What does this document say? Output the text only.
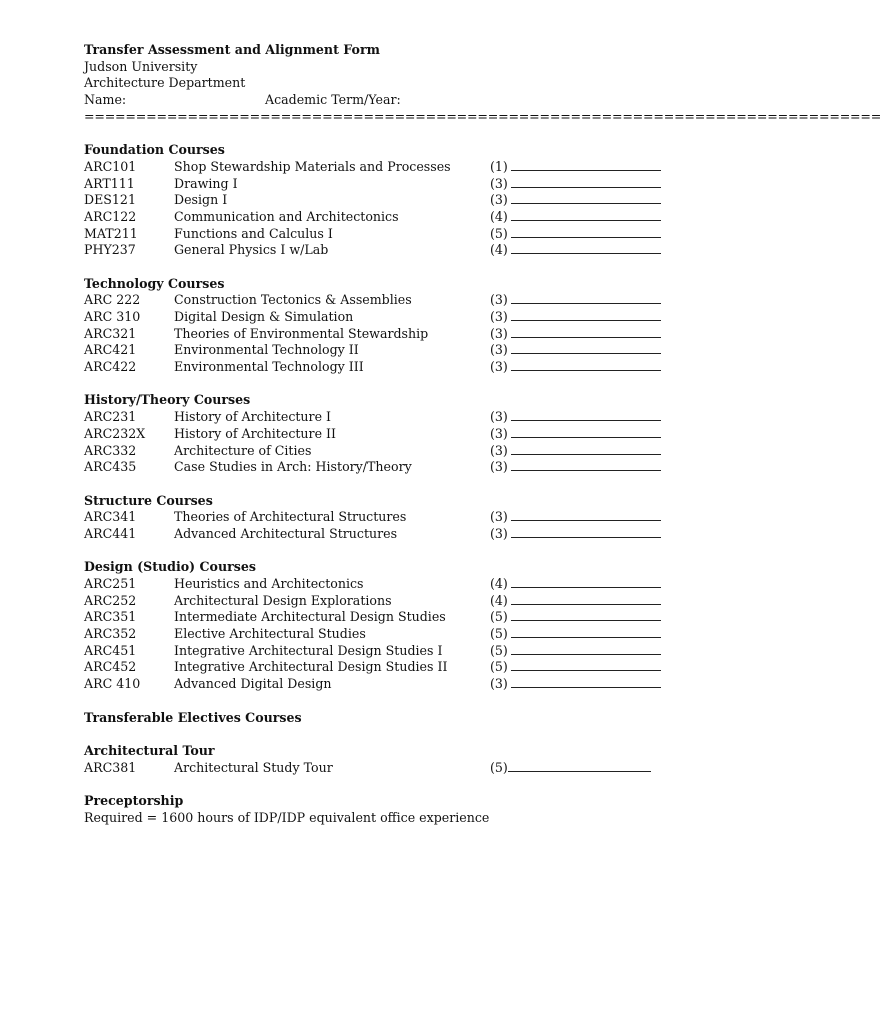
Transfer Assessment and Alignment Form
Judson University
Architecture Department
Name:	Academic Term/Year:
=============================================================================
Foundation Courses
ARC101	Shop Stewardship Materials and Processes	(1)
ART111	Drawing I	(3)
DES121	Design I	(3)
ARC122	Communication and Architectonics	(4)
MAT211	Functions and Calculus I	(5)
PHY237	General Physics I w/Lab	(4)
Technology Courses
ARC 222	Construction Tectonics & Assemblies	(3)
ARC 310	Digital Design & Simulation	(3)
ARC321	Theories of Environmental Stewardship	(3)
ARC421	Environmental Technology II	(3)
ARC422	Environmental Technology III	(3)
History/Theory Courses
ARC231	History of Architecture I	(3)
ARC232X History of Architecture II	(3)
ARC332	Architecture of Cities	(3)
ARC435	Case Studies in Arch: History/Theory	(3)
Structure Courses
ARC341	Theories of Architectural Structures	(3)
ARC441	Advanced Architectural Structures	(3)
Design (Studio) Courses
ARC251	Heuristics and Architectonics	(4)
ARC252	Architectural Design Explorations	(4)
ARC351	Intermediate Architectural Design Studies	(5)
ARC352	Elective Architectural Studies	(5)
ARC451	Integrative Architectural Design Studies I	(5)
ARC452	Integrative Architectural Design Studies II	(5)
ARC 410	Advanced Digital Design	(3)
Transferable Electives Courses
Architectural Tour
ARC381	Architectural Study Tour	(5)
Preceptorship
Required = 1600 hours of IDP/IDP equivalent office experience
